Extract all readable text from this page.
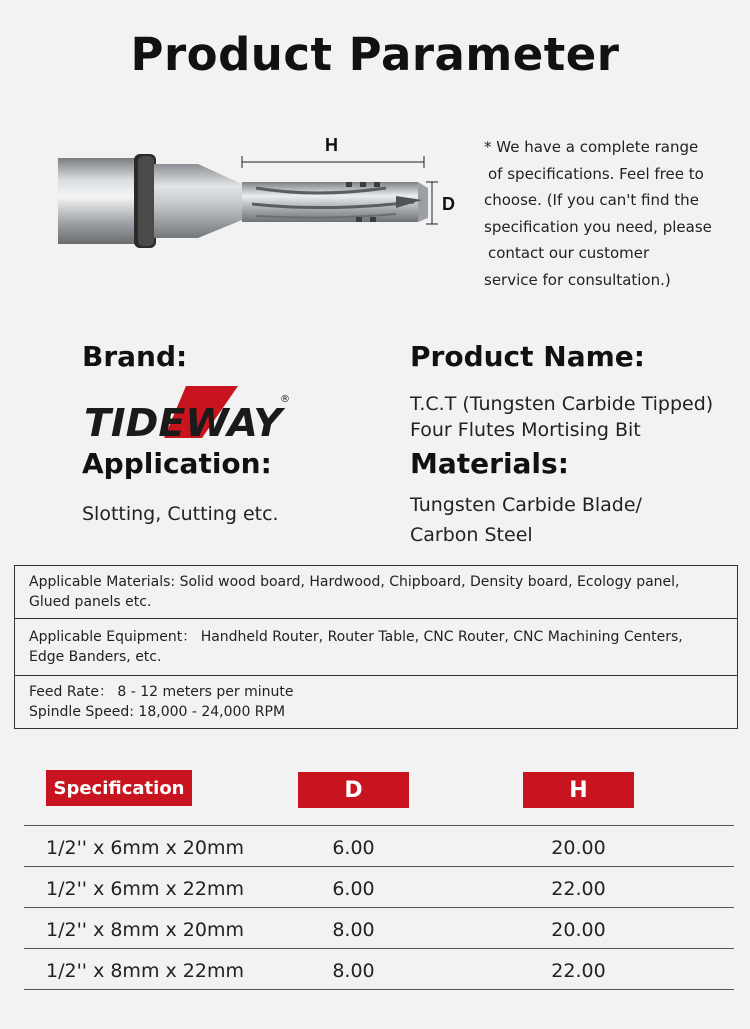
Product Parameter
H
D
* We have a complete range
of specifications. Feel free to
choose. (If you can't find the
specification you need, please
contact our customer
service for consultation.)
Brand:
TIDEWAY
®
Product Name:
T.C.T (Tungsten Carbide Tipped)
Four Flutes Mortising Bit
Application:
Slotting, Cutting etc.
Materials:
Tungsten Carbide Blade/
Carbon Steel
Applicable Materials: Solid wood board, Hardwood, Chipboard, Density board, Ecology panel,
Glued panels etc.
Applicable Equipment： Handheld Router, Router Table, CNC Router, CNC Machining Centers,
Edge Banders, etc.
Feed Rate： 8 - 12 meters per minute
Spindle Speed: 18,000 - 24,000 RPM
Specification	D	H
1/2'' x 6mm x 20mm	6.00	20.00
1/2'' x 6mm x 22mm	6.00	22.00
1/2'' x 8mm x 20mm	8.00	20.00
1/2'' x 8mm x 22mm	8.00	22.00
